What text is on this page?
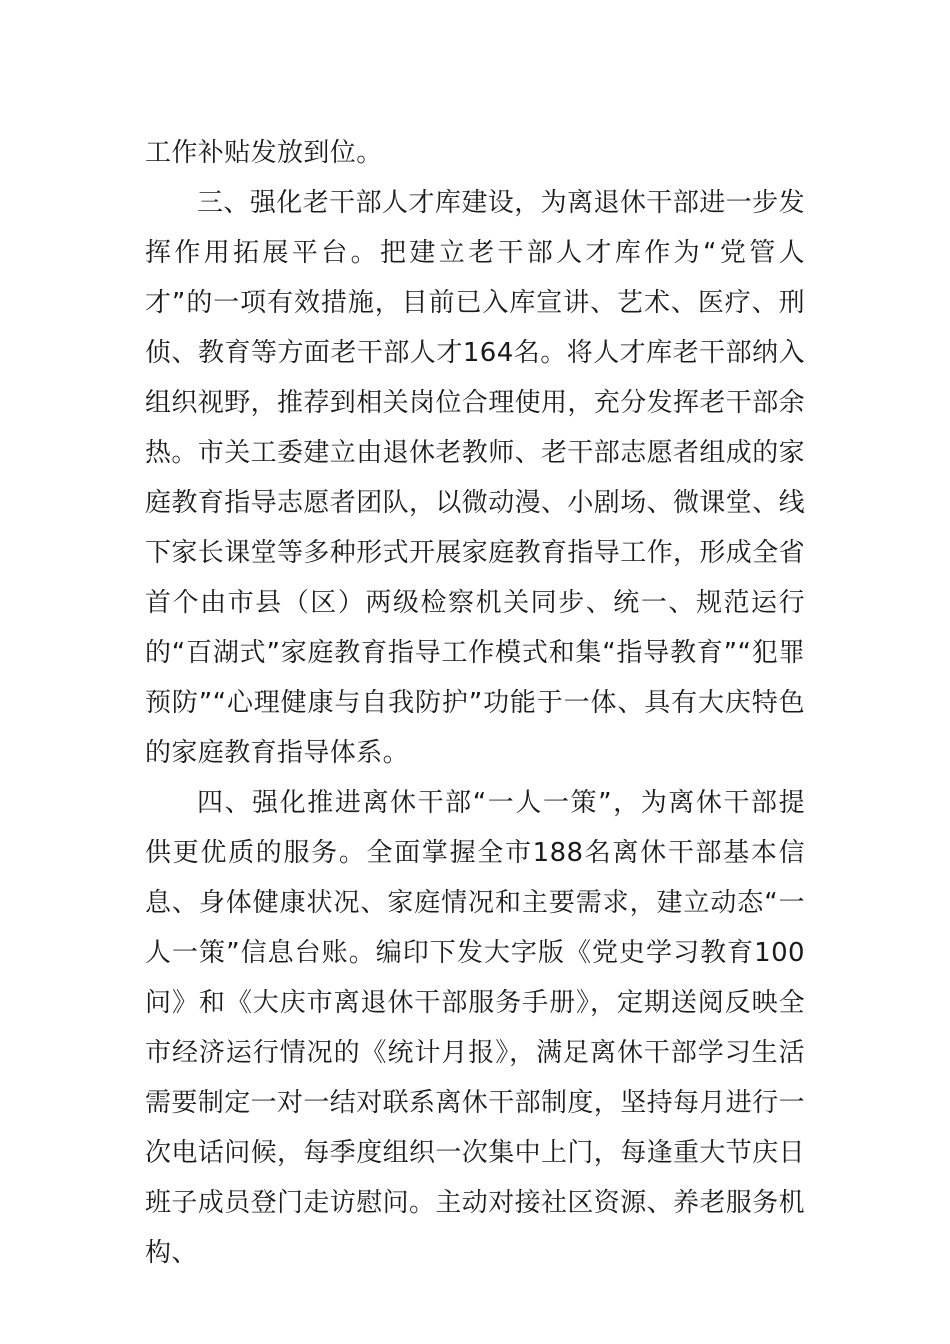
工作补贴发放到位。

三、强化老干部人才库建设，为离退休干部进一步发挥作用拓展平台。把建立老干部人才库作为“党管人才”的一项有效措施，目前已入库宣讲、艺术、医疗、刑侦、教育等方面老干部人才164名。将人才库老干部纳入组织视野，推荐到相关岗位合理使用，充分发挥老干部余热。市关工委建立由退休老教师、老干部志愿者组成的家庭教育指导志愿者团队，以微动漫、小剧场、微课堂、线下家长课堂等多种形式开展家庭教育指导工作，形成全省首个由市县（区）两级检察机关同步、统一、规范运行的“百湖式”家庭教育指导工作模式和集“指导教育”“犯罪预防”“心理健康与自我防护”功能于一体、具有大庆特色的家庭教育指导体系。

四、强化推进离休干部“一人一策”，为离休干部提供更优质的服务。全面掌握全市188名离休干部基本信息、身体健康状况、家庭情况和主要需求，建立动态“一人一策”信息台账。编印下发大字版《党史学习教育100问》和《大庆市离退休干部服务手册》，定期送阅反映全市经济运行情况的《统计月报》，满足离休干部学习生活需要制定一对一结对联系离休干部制度，坚持每月进行一次电话问候，每季度组织一次集中上门，每逢重大节庆日班子成员登门走访慰问。主动对接社区资源、养老服务机构、
